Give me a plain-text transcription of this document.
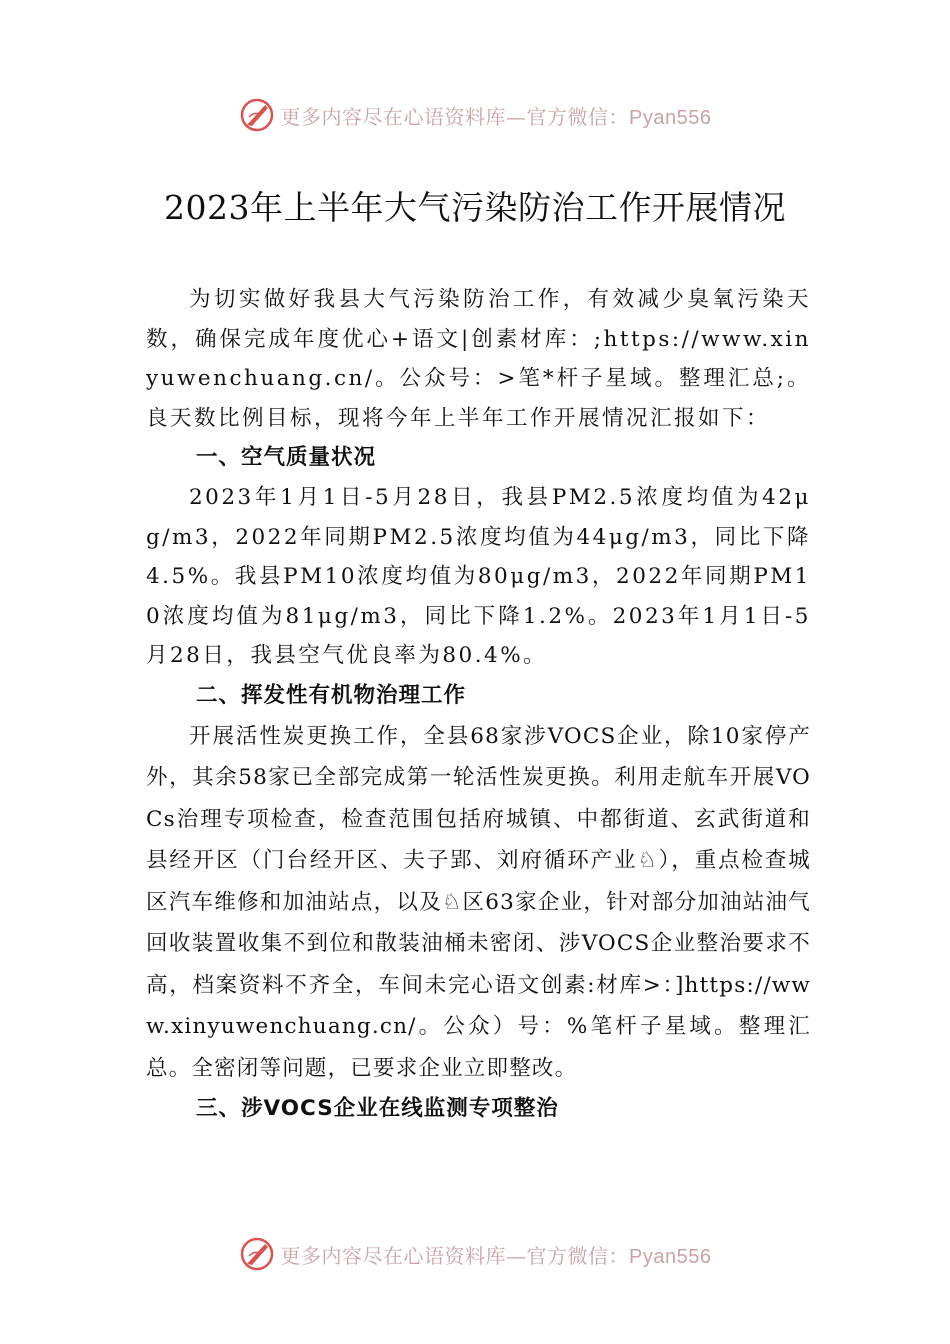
更多内容尽在心语资料库—官方微信：Pyan556
2023年上半年大气污染防治工作开展情况

为切实做好我县大气污染防治工作，有效减少臭氧污染天数，确保完成年度优心+语文|创素材库：;https://www.xinyuwenchuang.cn/。公众号：>笔*杆子星域。整理汇总;。良天数比例目标，现将今年上半年工作开展情况汇报如下：

一、空气质量状况

2023年1月1日-5月28日，我县PM2.5浓度均值为42μg/m3，2022年同期PM2.5浓度均值为44μg/m3，同比下降4.5%。我县PM10浓度均值为80μg/m3，2022年同期PM10浓度均值为81μg/m3，同比下降1.2%。2023年1月1日-5月28日，我县空气优良率为80.4%。

二、挥发性有机物治理工作

开展活性炭更换工作，全县68家涉VOCS企业，除10家停产外，其余58家已全部完成第一轮活性炭更换。利用走航车开展VOCs治理专项检查，检查范围包括府城镇、中都街道、玄武街道和县经开区（门台经开区、夫子郢、刘府循环产业♘），重点检查城区汽车维修和加油站点，以及♘区63家企业，针对部分加油站油气回收装置收集不到位和散装油桶未密闭、涉VOCS企业整治要求不高，档案资料不齐全，车间未完心语文创素:材库>：]https://www.xinyuwenchuang.cn/。公众）号：%笔杆子星域。整理汇总。全密闭等问题，已要求企业立即整改。

三、涉VOCS企业在线监测专项整治

更多内容尽在心语资料库—官方微信：Pyan556
